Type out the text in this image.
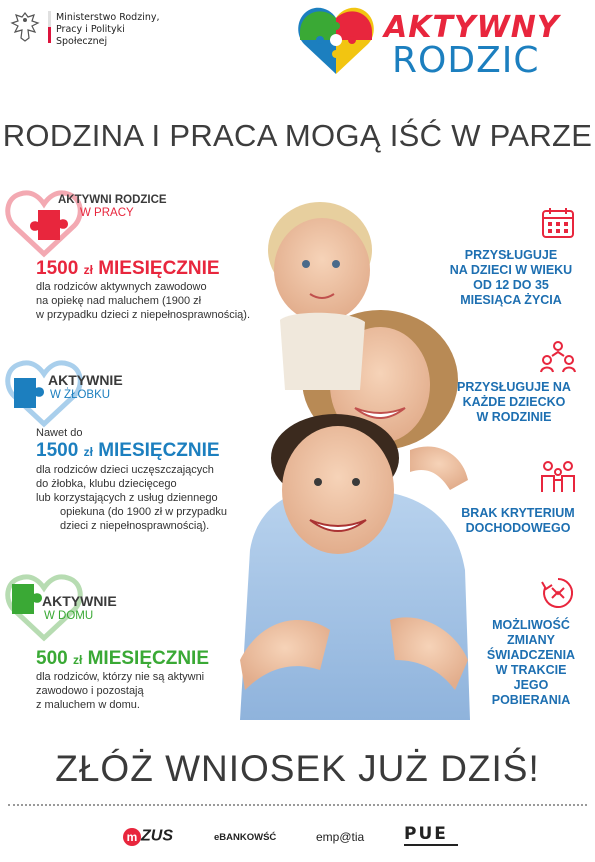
Ministerstwo Rodziny,
Pracy i Polityki Społecznej	AKTYWNY
RODZIC
RODZINA I PRACA MOGĄ IŚĆ W PARZE
AKTYWNI RODZICE
W PRACY
1500 zł MIESIĘCZNIE
dla rodziców aktywnych zawodowo
na opiekę nad maluchem (1900 zł
w przypadku dzieci z niepełnosprawnością).
AKTYWNIE
W ŻŁOBKU
Nawet do
1500 zł MIESIĘCZNIE
dla rodziców dzieci uczęszczających
do żłobka, klubu dziecięcego
lub korzystających z usług dziennego
opiekuna (do 1900 zł w przypadku
dzieci z niepełnosprawnością).
AKTYWNIE
W DOMU
500 zł MIESIĘCZNIE
dla rodziców, którzy nie są aktywni
zawodowo i pozostają
z maluchem w domu.
PRZYSŁUGUJE
NA DZIECI W WIEKU
OD 12 DO 35
MIESIĄCA ŻYCIA
PRZYSŁUGUJE NA
KAŻDE DZIECKO
W RODZINIE
BRAK KRYTERIUM
DOCHODOWEGO
MOŻLIWOŚĆ
ZMIANY
ŚWIADCZENIA
W TRAKCIE
JEGO POBIERANIA
ZŁÓŻ WNIOSEK JUŻ DZIŚ!
m ZUS	eBANKOWŚĆ	emp@tia PUE
